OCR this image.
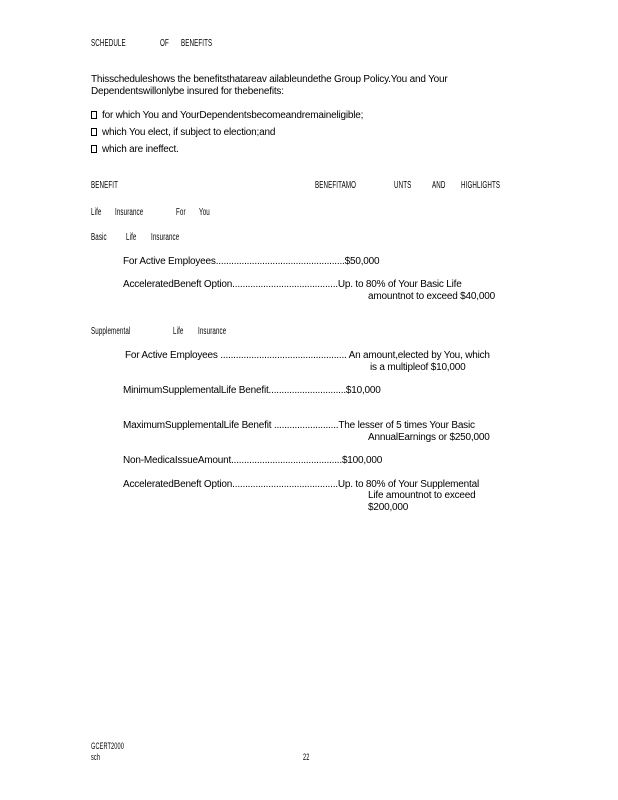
SCHEDULE	OF BENEFITS
Thisscheduleshows the benefitsthatareav ailableundethe Group Policy.You and Your
Dependentswillonlybe insured for thebenefits:
for which You and YourDependentsbecomeandremaineligible;
which You elect, if subject to election;and
which are ineffect.
BENEFIT	BENEFITAMO	UNTS AND HIGHLIGHTS
Life Insurance	For You
Basic Life Insurance
For Active Employees..................................................$50,000
AcceleratedBeneft Option.........................................Up. to 80% of Your Basic Life
amountnot to exceed $40,000
Supplemental	Life Insurance
For Active Employees ................................................. An amount,elected by You, which
is a multipleof $10,000
MinimumSupplementalLife Benefit..............................$10,000
MaximumSupplementalLife Benefit .........................The lesser of 5 times Your Basic
AnnualEarnings or $250,000
Non-MedicaIssueAmount...........................................$100,000
AcceleratedBeneft Option.........................................Up. to 80% of Your Supplemental
Life amountnot to exceed
$200,000
GCERT2000
sch	22
